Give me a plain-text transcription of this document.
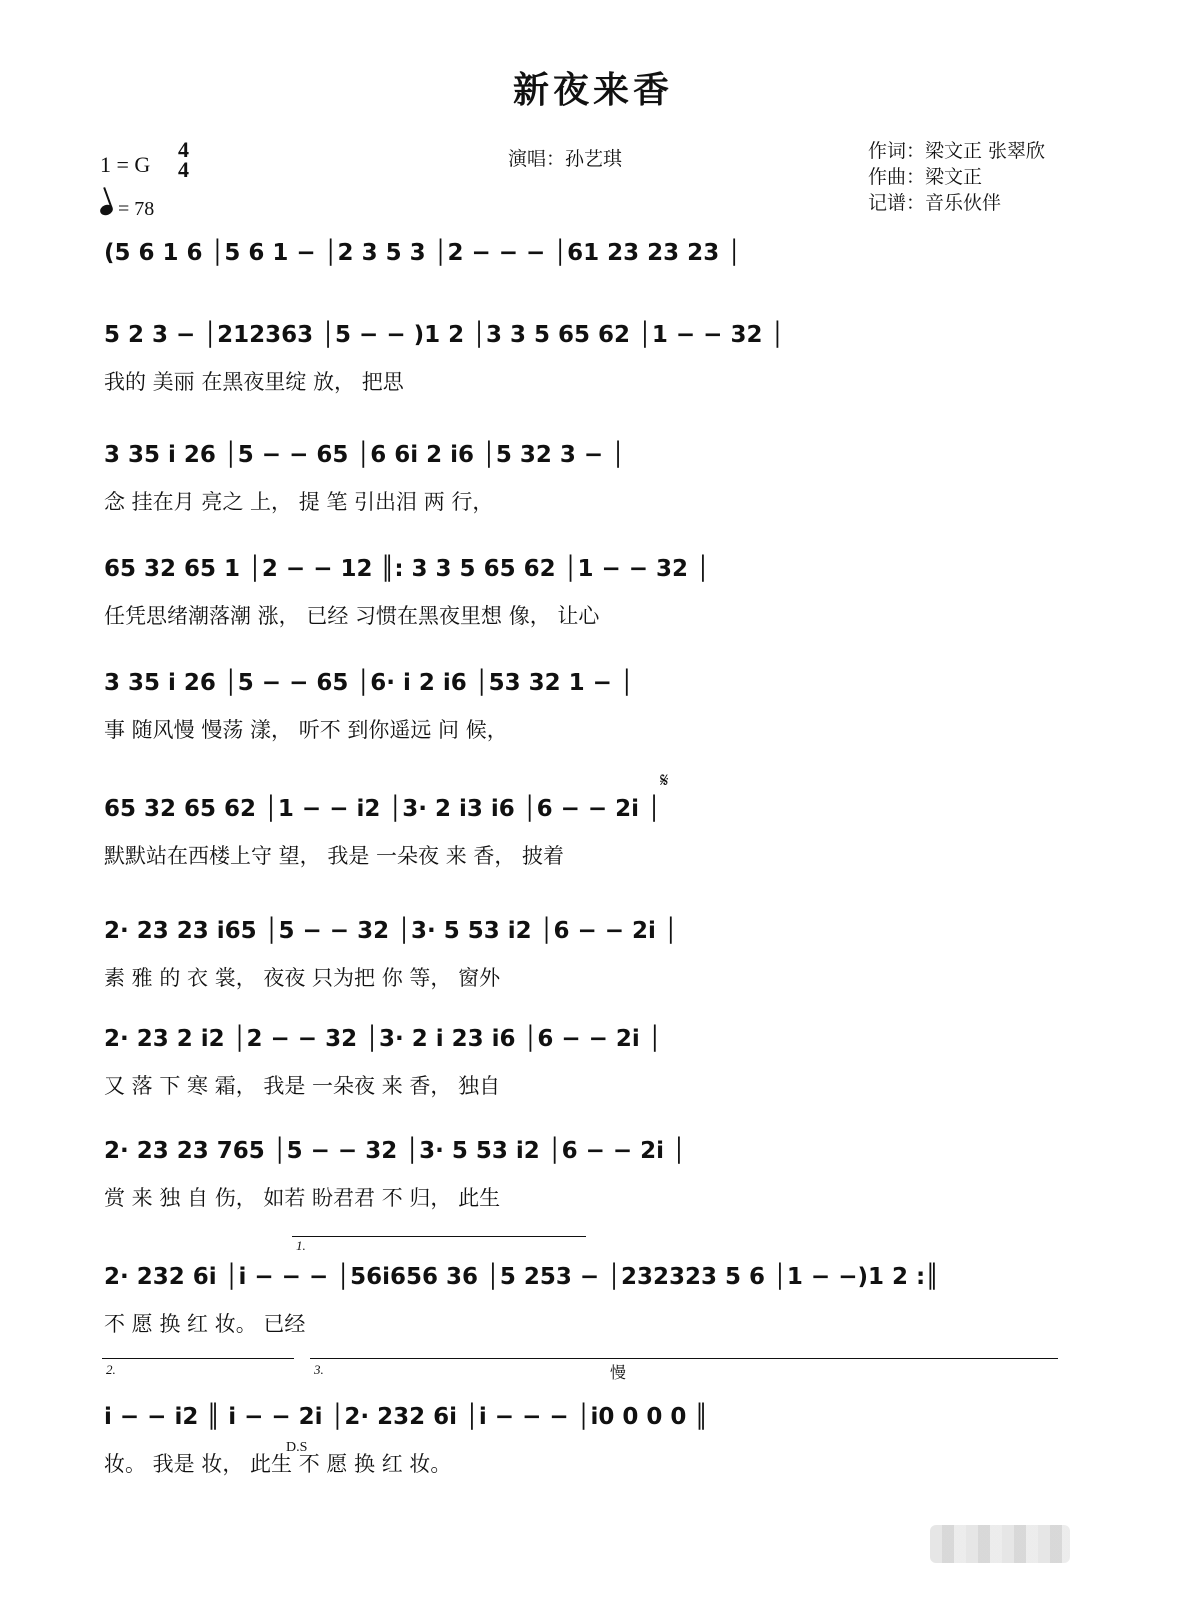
新夜来香
演唱：孙艺琪	作词：梁文正 张翠欣
作曲：梁文正
记谱：音乐伙伴
1 = G
4
4
= 78
(5 6 1 6 │5 6 1 − │2 3 5 3 │2 − − − │61 23 23 23 │
5 2 3 − │212363 │5 − − )1 2 │3 3 5 65 62 │1 − − 32 │
我的 美丽 在黑夜里绽 放， 把思
3 35 i 26 │5 − − 65 │6 6i 2 i6 │5 32 3 − │
念 挂在月 亮之 上， 提 笔 引出泪 两 行，
65 32 65 1 │2 − − 12 ║: 3 3 5 65 62 │1 − − 32 │
任凭思绪潮落潮 涨， 已经 习惯在黑夜里想 像， 让心
3 35 i 26 │5 − − 65 │6· i 2 i6 │53 32 1 − │
事 随风慢 慢荡 漾， 听不 到你遥远 问 候，
65 32 65 62 │1 − − i2 │3· 2 i3 i6 │6 − − 2i │
默默站在西楼上守 望， 我是 一朵夜 来 香， 披着
2· 23 23 i65 │5 − − 32 │3· 5 53 i2 │6 − − 2i │
素 雅 的 衣 裳， 夜夜 只为把 你 等， 窗外
2· 23 2 i2 │2 − − 32 │3· 2 i 23 i6 │6 − − 2i │
又 落 下 寒 霜， 我是 一朵夜 来 香， 独自
2· 23 23 765 │5 − − 32 │3· 5 53 i2 │6 − − 2i │
赏 来 独 自 伤， 如若 盼君君 不 归， 此生
2· 232 6i │i − − − │56i656 36 │5 253 − │232323 5 6 │1 − −)1 2 :║
不 愿 换 红 妆。 已经
i − − i2 ║ i − − 2i │2· 232 6i │i − − − │i0 0 0 0 ║
妆。 我是 妆， 此生 不 愿 换 红 妆。
1.
2.	3.	慢
D.S
𝄋
